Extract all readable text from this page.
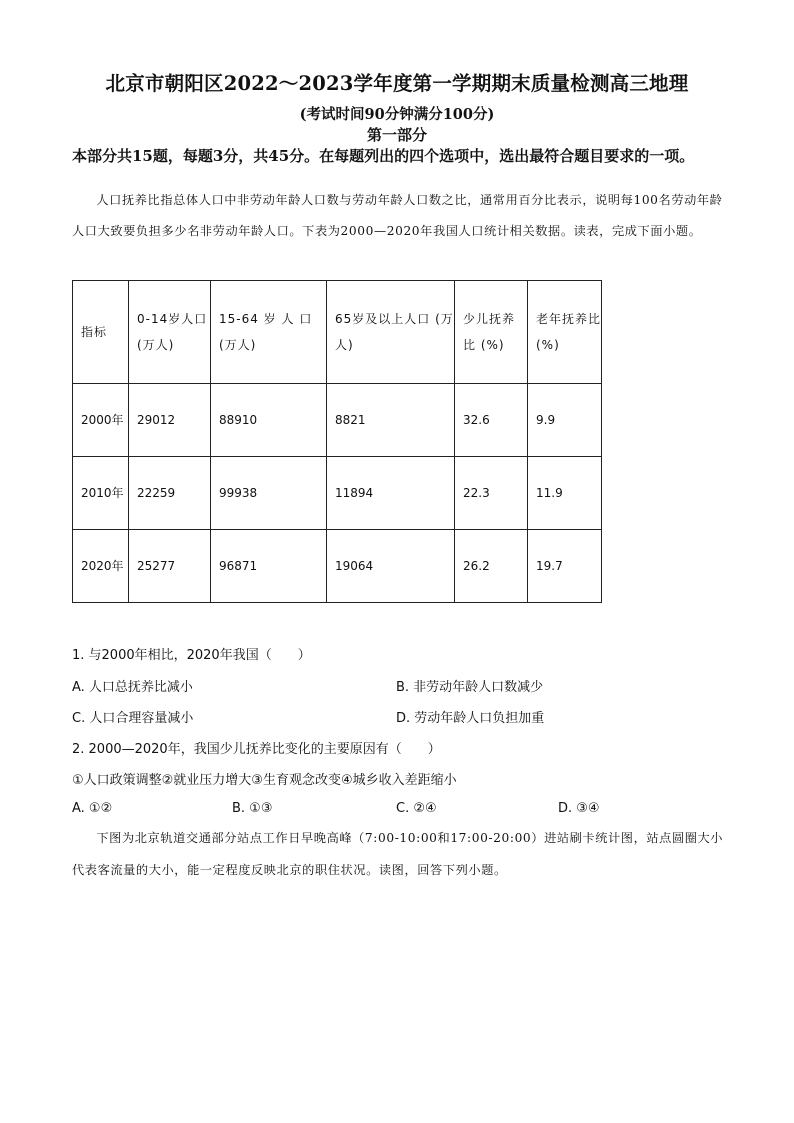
北京市朝阳区2022～2023学年度第一学期期末质量检测高三地理
(考试时间90分钟满分100分)
第一部分
本部分共15题，每题3分，共45分。在每题列出的四个选项中，选出最符合题目要求的一项。
人口抚养比指总体人口中非劳动年龄人口数与劳动年龄人口数之比，通常用百分比表示，说明每100名劳动年龄人口大致要负担多少名非劳动年龄人口。下表为2000—2020年我国人口统计相关数据。读表，完成下面小题。
指标	0-14岁人口(万人)	15-64 岁 人 口 (万人)	65岁及以上人口 (万人)	少儿抚养比 (%)	老年抚养比 (%)
2000年	29012	88910	8821	32.6	9.9
2010年	22259	99938	11894	22.3	11.9
2020年	25277	96871	19064	26.2	19.7
1. 与2000年相比，2020年我国（　　）
A. 人口总抚养比减小	B. 非劳动年龄人口数减少
C. 人口合理容量减小	D. 劳动年龄人口负担加重
2. 2000—2020年，我国少儿抚养比变化的主要原因有（　　）
①人口政策调整②就业压力增大③生育观念改变④城乡收入差距缩小
A. ①②	B. ①③	C. ②④	D. ③④
下图为北京轨道交通部分站点工作日早晚高峰（7:00-10:00和17:00-20:00）进站刷卡统计图，站点圆圈大小代表客流量的大小，能一定程度反映北京的职住状况。读图，回答下列小题。
